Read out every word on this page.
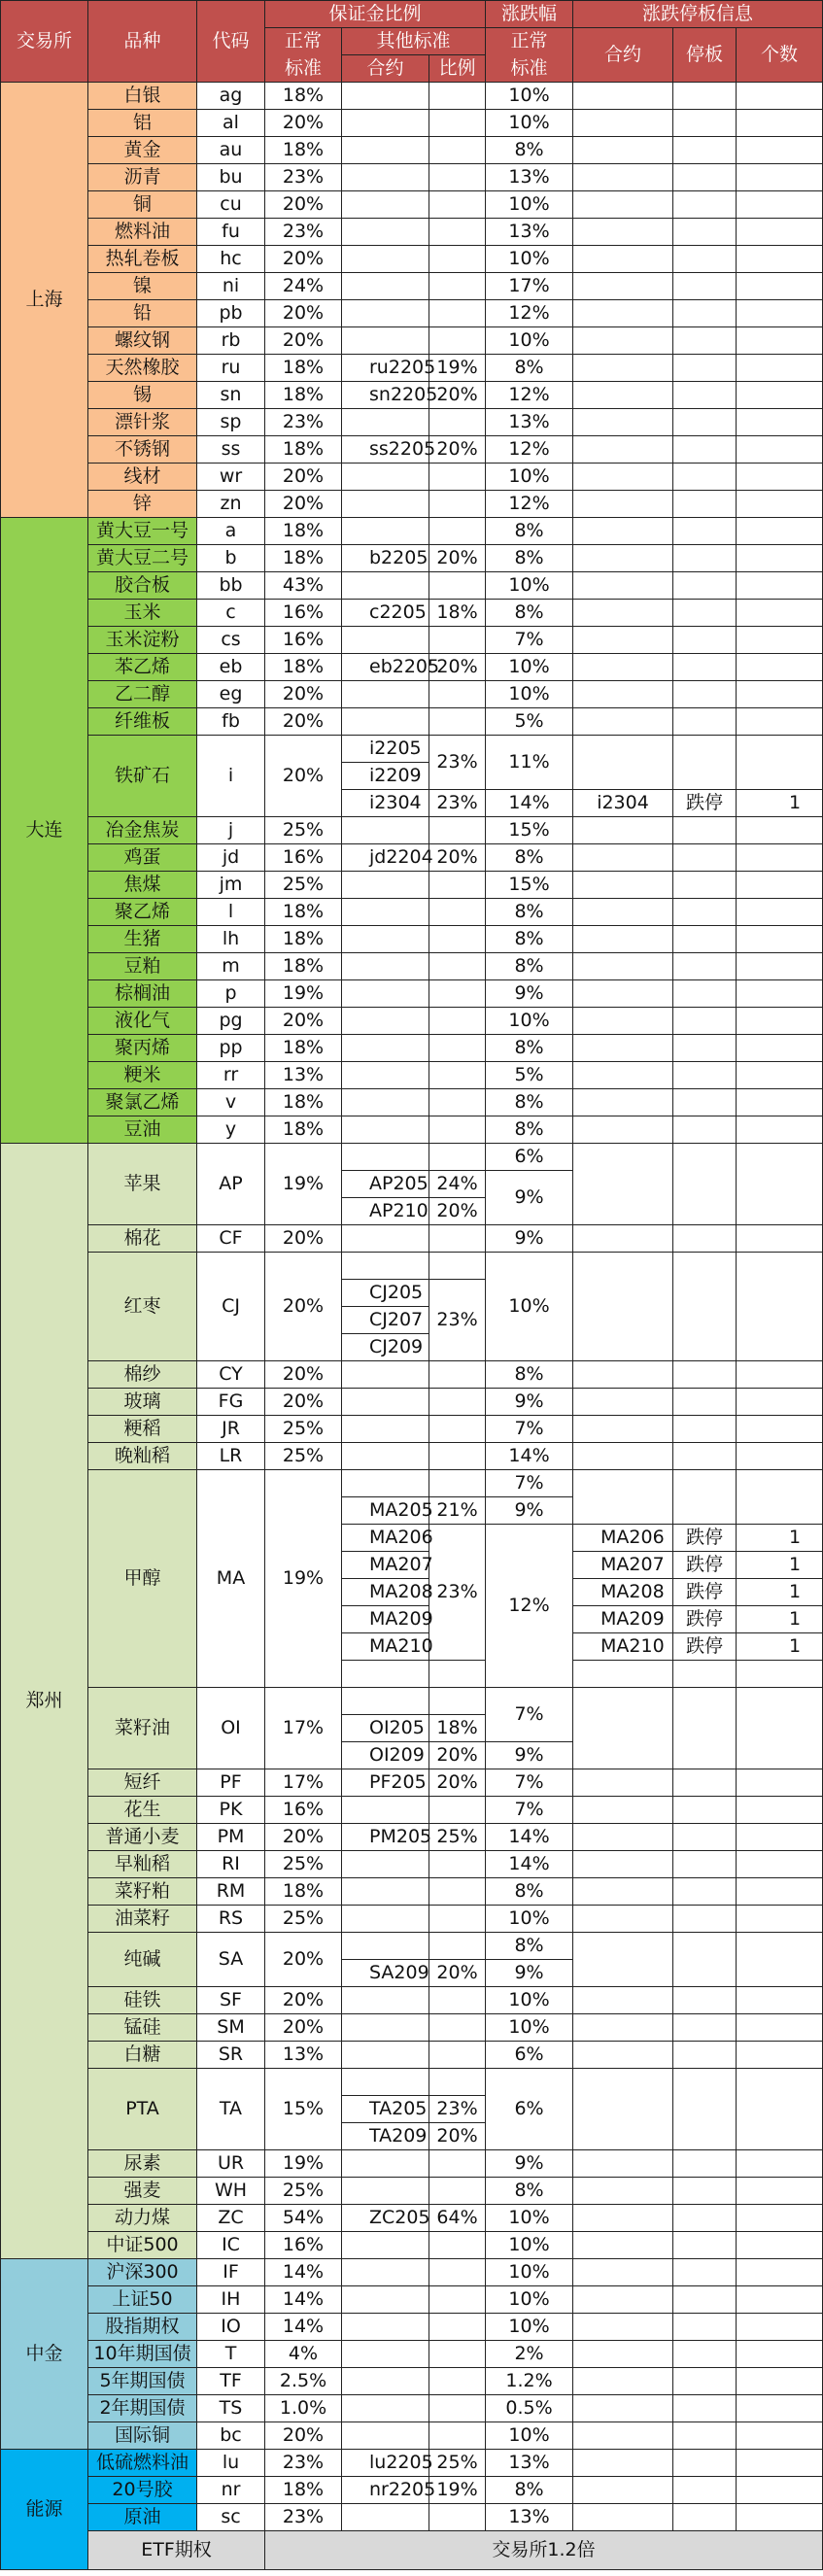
交易所	品种	代码	保证金比例			涨跌幅	涨跌停板信息		
			正常	其他标准		正常	合约	停板	个数
			标准	合约	比例	标准			
上海	白银	ag	18%			10%			
	铝	al	20%			10%			
	黄金	au	18%			8%			
	沥青	bu	23%			13%			
	铜	cu	20%			10%			
	燃料油	fu	23%			13%			
	热轧卷板	hc	20%			10%			
	镍	ni	24%			17%			
	铅	pb	20%			12%			
	螺纹钢	rb	20%			10%			
	天然橡胶	ru	18%	ru2205	19%	8%			
	锡	sn	18%	sn2205	20%	12%			
	漂针浆	sp	23%			13%			
	不锈钢	ss	18%	ss2205	20%	12%			
	线材	wr	20%			10%			
	锌	zn	20%			12%			
大连	黄大豆一号	a	18%			8%			
	黄大豆二号	b	18%	b2205	20%	8%			
	胶合板	bb	43%			10%			
	玉米	c	16%	c2205	18%	8%			
	玉米淀粉	cs	16%			7%			
	苯乙烯	eb	18%	eb2205	20%	10%			
	乙二醇	eg	20%			10%			
	纤维板	fb	20%			5%			
	铁矿石	i	20%	i2205	23%	11%			
				i2209					
				i2304	23%	14%	i2304	跌停	1
	冶金焦炭	j	25%			15%			
	鸡蛋	jd	16%	jd2204	20%	8%			
	焦煤	jm	25%			15%			
	聚乙烯	l	18%			8%			
	生猪	lh	18%			8%			
	豆粕	m	18%			8%			
	棕榈油	p	19%			9%			
	液化气	pg	20%			10%			
	聚丙烯	pp	18%			8%			
	粳米	rr	13%			5%			
	聚氯乙烯	v	18%			8%			
	豆油	y	18%			8%			
郑州	苹果	AP	19%			6%			
				AP205	24%	9%			
				AP210	20%				
	棉花	CF	20%			9%			
	红枣	CJ	20%			10%			
				CJ205	23%				
				CJ207					
				CJ209					
	棉纱	CY	20%			8%			
	玻璃	FG	20%			9%			
	粳稻	JR	25%			7%			
	晚籼稻	LR	25%			14%			
	甲醇	MA	19%			7%			
				MA205	21%	9%			
				MA206	23%	12%	MA206	跌停	1
				MA207			MA207	跌停	1
				MA208			MA208	跌停	1
				MA209			MA209	跌停	1
				MA210			MA210	跌停	1

	菜籽油	OI	17%			7%			
				OI205	18%				
				OI209	20%	9%			
	短纤	PF	17%	PF205	20%	7%			
	花生	PK	16%			7%			
	普通小麦	PM	20%	PM205	25%	14%			
	早籼稻	RI	25%			14%			
	菜籽粕	RM	18%			8%			
	油菜籽	RS	25%			10%			
	纯碱	SA	20%			8%			
				SA209	20%	9%			
	硅铁	SF	20%			10%			
	锰硅	SM	20%			10%			
	白糖	SR	13%			6%			
	PTA	TA	15%			6%			
				TA205	23%				
				TA209	20%				
	尿素	UR	19%			9%			
	强麦	WH	25%			8%			
	动力煤	ZC	54%	ZC205	64%	10%			
	中证500	IC	16%			10%			
中金	沪深300	IF	14%			10%			
	上证50	IH	14%			10%			
	股指期权	IO	14%			10%			
	10年期国债	T	4%			2%			
	5年期国债	TF	2.5%			1.2%			
	2年期国债	TS	1.0%			0.5%			
	国际铜	bc	20%			10%			
能源	低硫燃料油	lu	23%	lu2205	25%	13%			
	20号胶	nr	18%	nr2205	19%	8%			
	原油	sc	23%			13%			
	ETF期权		交易所1.2倍						
